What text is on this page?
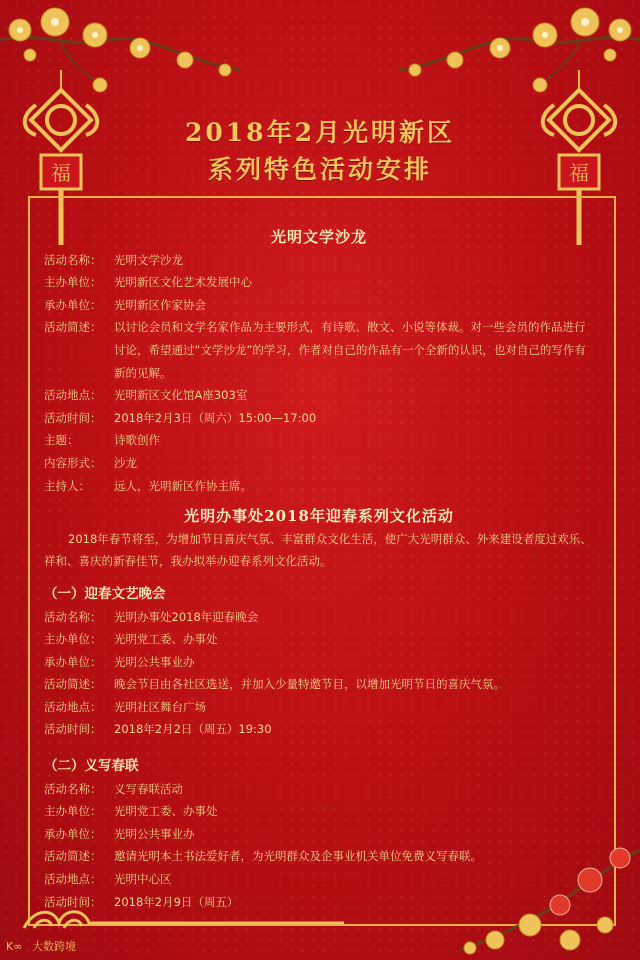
福	福
2018年2月光明新区
系列特色活动安排
光明文学沙龙
活动名称：	光明文学沙龙
主办单位：	光明新区文化艺术发展中心
承办单位：	光明新区作家协会
活动简述：	以讨论会员和文学名家作品为主要形式，有诗歌、散文、小说等体裁。对一些会员的作品进行讨论，希望通过“文学沙龙”的学习，作者对自己的作品有一个全新的认识，也对自己的写作有新的见解。
活动地点：	光明新区文化馆A座303室
活动时间：	2018年2月3日（周六）15:00—17:00
主题：	诗歌创作
内容形式：	沙龙
主持人：	远人，光明新区作协主席。
光明办事处2018年迎春系列文化活动
2018年春节将至，为增加节日喜庆气氛、丰富群众文化生活，使广大光明群众、外来建设者度过欢乐、祥和、喜庆的新春佳节，我办拟举办迎春系列文化活动。
（一）迎春文艺晚会
活动名称：	光明办事处2018年迎春晚会
主办单位：	光明党工委、办事处
承办单位：	光明公共事业办
活动简述：	晚会节目由各社区选送，并加入少量特邀节目，以增加光明节日的喜庆气氛。
活动地点：	光明社区舞台广场
活动时间：	2018年2月2日（周五）19:30
（二）义写春联
活动名称：	义写春联活动
主办单位：	光明党工委、办事处
承办单位：	光明公共事业办
活动简述：	邀请光明本土书法爱好者，为光明群众及企事业机关单位免费义写春联。
活动地点：	光明中心区
活动时间：	2018年2月9日（周五）
K∞ 大数跨境
